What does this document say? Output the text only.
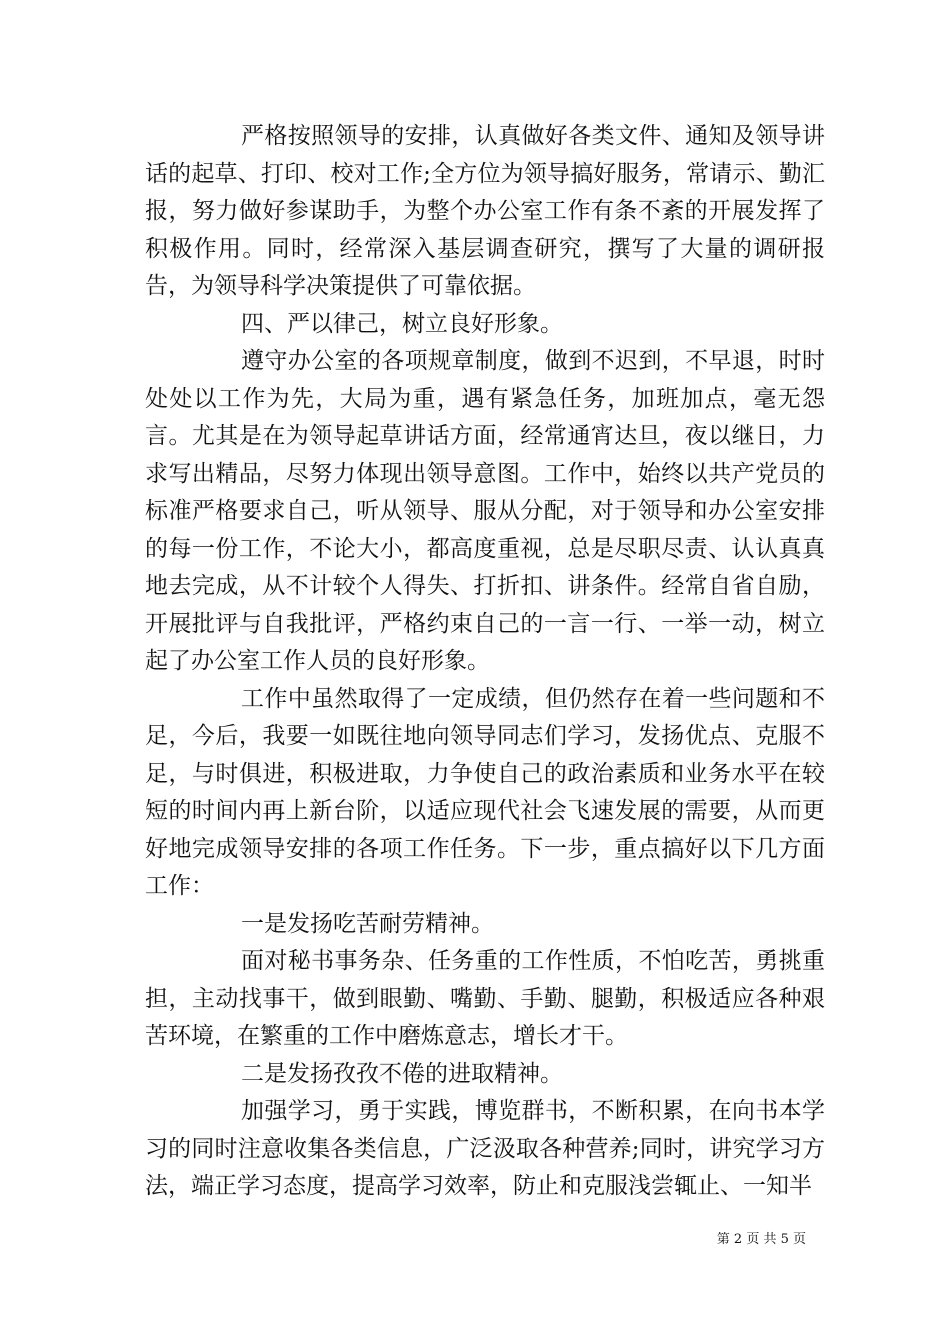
严格按照领导的安排，认真做好各类文件、通知及领导讲话的起草、打印、校对工作;全方位为领导搞好服务，常请示、勤汇报，努力做好参谋助手，为整个办公室工作有条不紊的开展发挥了积极作用。同时，经常深入基层调查研究，撰写了大量的调研报告，为领导科学决策提供了可靠依据。

四、严以律己，树立良好形象。

遵守办公室的各项规章制度，做到不迟到，不早退，时时处处以工作为先，大局为重，遇有紧急任务，加班加点，毫无怨言。尤其是在为领导起草讲话方面，经常通宵达旦，夜以继日，力求写出精品，尽努力体现出领导意图。工作中，始终以共产党员的标准严格要求自己，听从领导、服从分配，对于领导和办公室安排的每一份工作，不论大小，都高度重视，总是尽职尽责、认认真真地去完成，从不计较个人得失、打折扣、讲条件。经常自省自励，开展批评与自我批评，严格约束自己的一言一行、一举一动，树立起了办公室工作人员的良好形象。

工作中虽然取得了一定成绩，但仍然存在着一些问题和不足，今后，我要一如既往地向领导同志们学习，发扬优点、克服不足，与时俱进，积极进取，力争使自己的政治素质和业务水平在较短的时间内再上新台阶，以适应现代社会飞速发展的需要，从而更好地完成领导安排的各项工作任务。下一步，重点搞好以下几方面工作：

一是发扬吃苦耐劳精神。

面对秘书事务杂、任务重的工作性质，不怕吃苦，勇挑重担，主动找事干，做到眼勤、嘴勤、手勤、腿勤，积极适应各种艰苦环境，在繁重的工作中磨炼意志，增长才干。

二是发扬孜孜不倦的进取精神。

加强学习，勇于实践，博览群书，不断积累，在向书本学习的同时注意收集各类信息，广泛汲取各种营养;同时，讲究学习方法，端正学习态度，提高学习效率，防止和克服浅尝辄止、一知半

第 2 页 共 5 页
